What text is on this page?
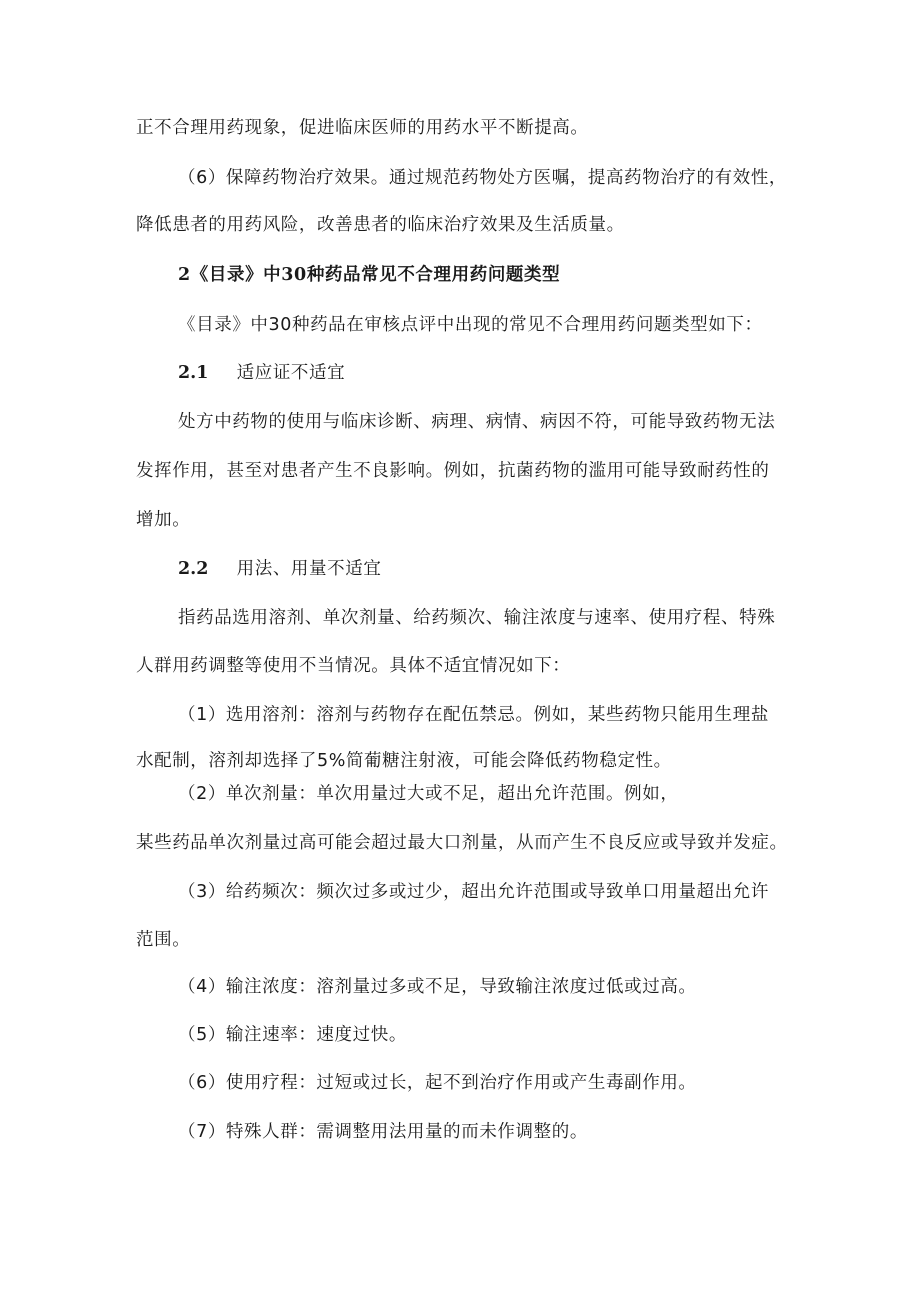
正不合理用药现象，促进临床医师的用药水平不断提高。
（6）保障药物治疗效果。通过规范药物处方医嘱，提高药物治疗的有效性，
降低患者的用药风险，改善患者的临床治疗效果及生活质量。
2《目录》中30种药品常见不合理用药问题类型
《目录》中30种药品在审核点评中出现的常见不合理用药问题类型如下：
2.1 适应证不适宜
处方中药物的使用与临床诊断、病理、病情、病因不符，可能导致药物无法
发挥作用，甚至对患者产生不良影响。例如，抗菌药物的滥用可能导致耐药性的
增加。
2.2 用法、用量不适宜
指药品选用溶剂、单次剂量、给药频次、输注浓度与速率、使用疗程、特殊
人群用药调整等使用不当情况。具体不适宜情况如下：
（1）选用溶剂：溶剂与药物存在配伍禁忌。例如，某些药物只能用生理盐
水配制，溶剂却选择了5%简葡糖注射液，可能会降低药物稳定性。
（2）单次剂量：单次用量过大或不足，超出允许范围。例如，
某些药品单次剂量过高可能会超过最大口剂量，从而产生不良反应或导致并发症。
（3）给药频次：频次过多或过少，超出允许范围或导致单口用量超出允许
范围。
（4）输注浓度：溶剂量过多或不足，导致输注浓度过低或过高。
（5）输注速率：速度过快。
（6）使用疗程：过短或过长，起不到治疗作用或产生毒副作用。
（7）特殊人群：需调整用法用量的而未作调整的。
